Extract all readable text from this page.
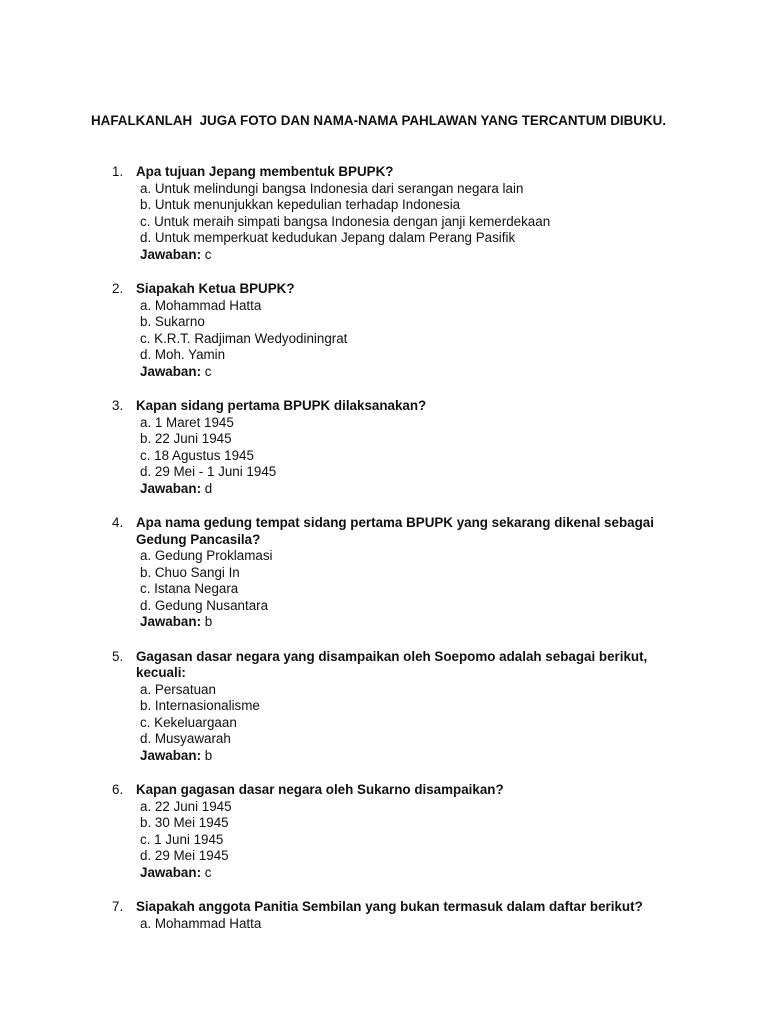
HAFALKANLAH  JUGA FOTO DAN NAMA-NAMA PAHLAWAN YANG TERCANTUM DIBUKU.
1. Apa tujuan Jepang membentuk BPUPK?
a. Untuk melindungi bangsa Indonesia dari serangan negara lain
b. Untuk menunjukkan kepedulian terhadap Indonesia
c. Untuk meraih simpati bangsa Indonesia dengan janji kemerdekaan
d. Untuk memperkuat kedudukan Jepang dalam Perang Pasifik
Jawaban: c
2. Siapakah Ketua BPUPK?
a. Mohammad Hatta
b. Sukarno
c. K.R.T. Radjiman Wedyodiningrat
d. Moh. Yamin
Jawaban: c
3. Kapan sidang pertama BPUPK dilaksanakan?
a. 1 Maret 1945
b. 22 Juni 1945
c. 18 Agustus 1945
d. 29 Mei - 1 Juni 1945
Jawaban: d
4. Apa nama gedung tempat sidang pertama BPUPK yang sekarang dikenal sebagai Gedung Pancasila?
a. Gedung Proklamasi
b. Chuo Sangi In
c. Istana Negara
d. Gedung Nusantara
Jawaban: b
5. Gagasan dasar negara yang disampaikan oleh Soepomo adalah sebagai berikut, kecuali:
a. Persatuan
b. Internasionalisme
c. Kekeluargaan
d. Musyawarah
Jawaban: b
6. Kapan gagasan dasar negara oleh Sukarno disampaikan?
a. 22 Juni 1945
b. 30 Mei 1945
c. 1 Juni 1945
d. 29 Mei 1945
Jawaban: c
7. Siapakah anggota Panitia Sembilan yang bukan termasuk dalam daftar berikut?
a. Mohammad Hatta
